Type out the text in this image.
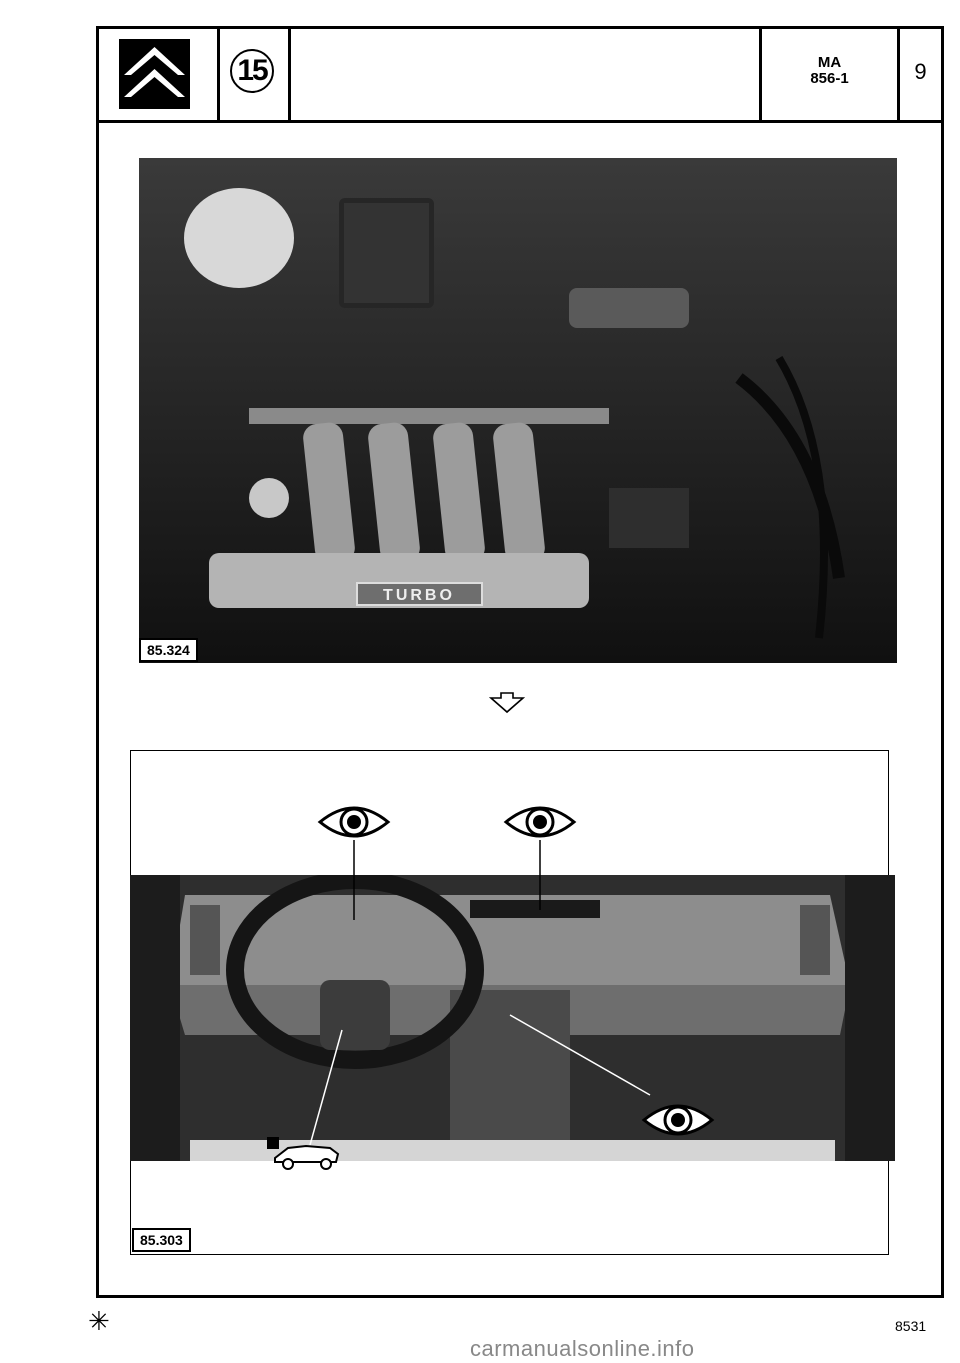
15	MA
856-1	9
TURBO
85.324
85.303
✳	8531
carmanualsonline.info
